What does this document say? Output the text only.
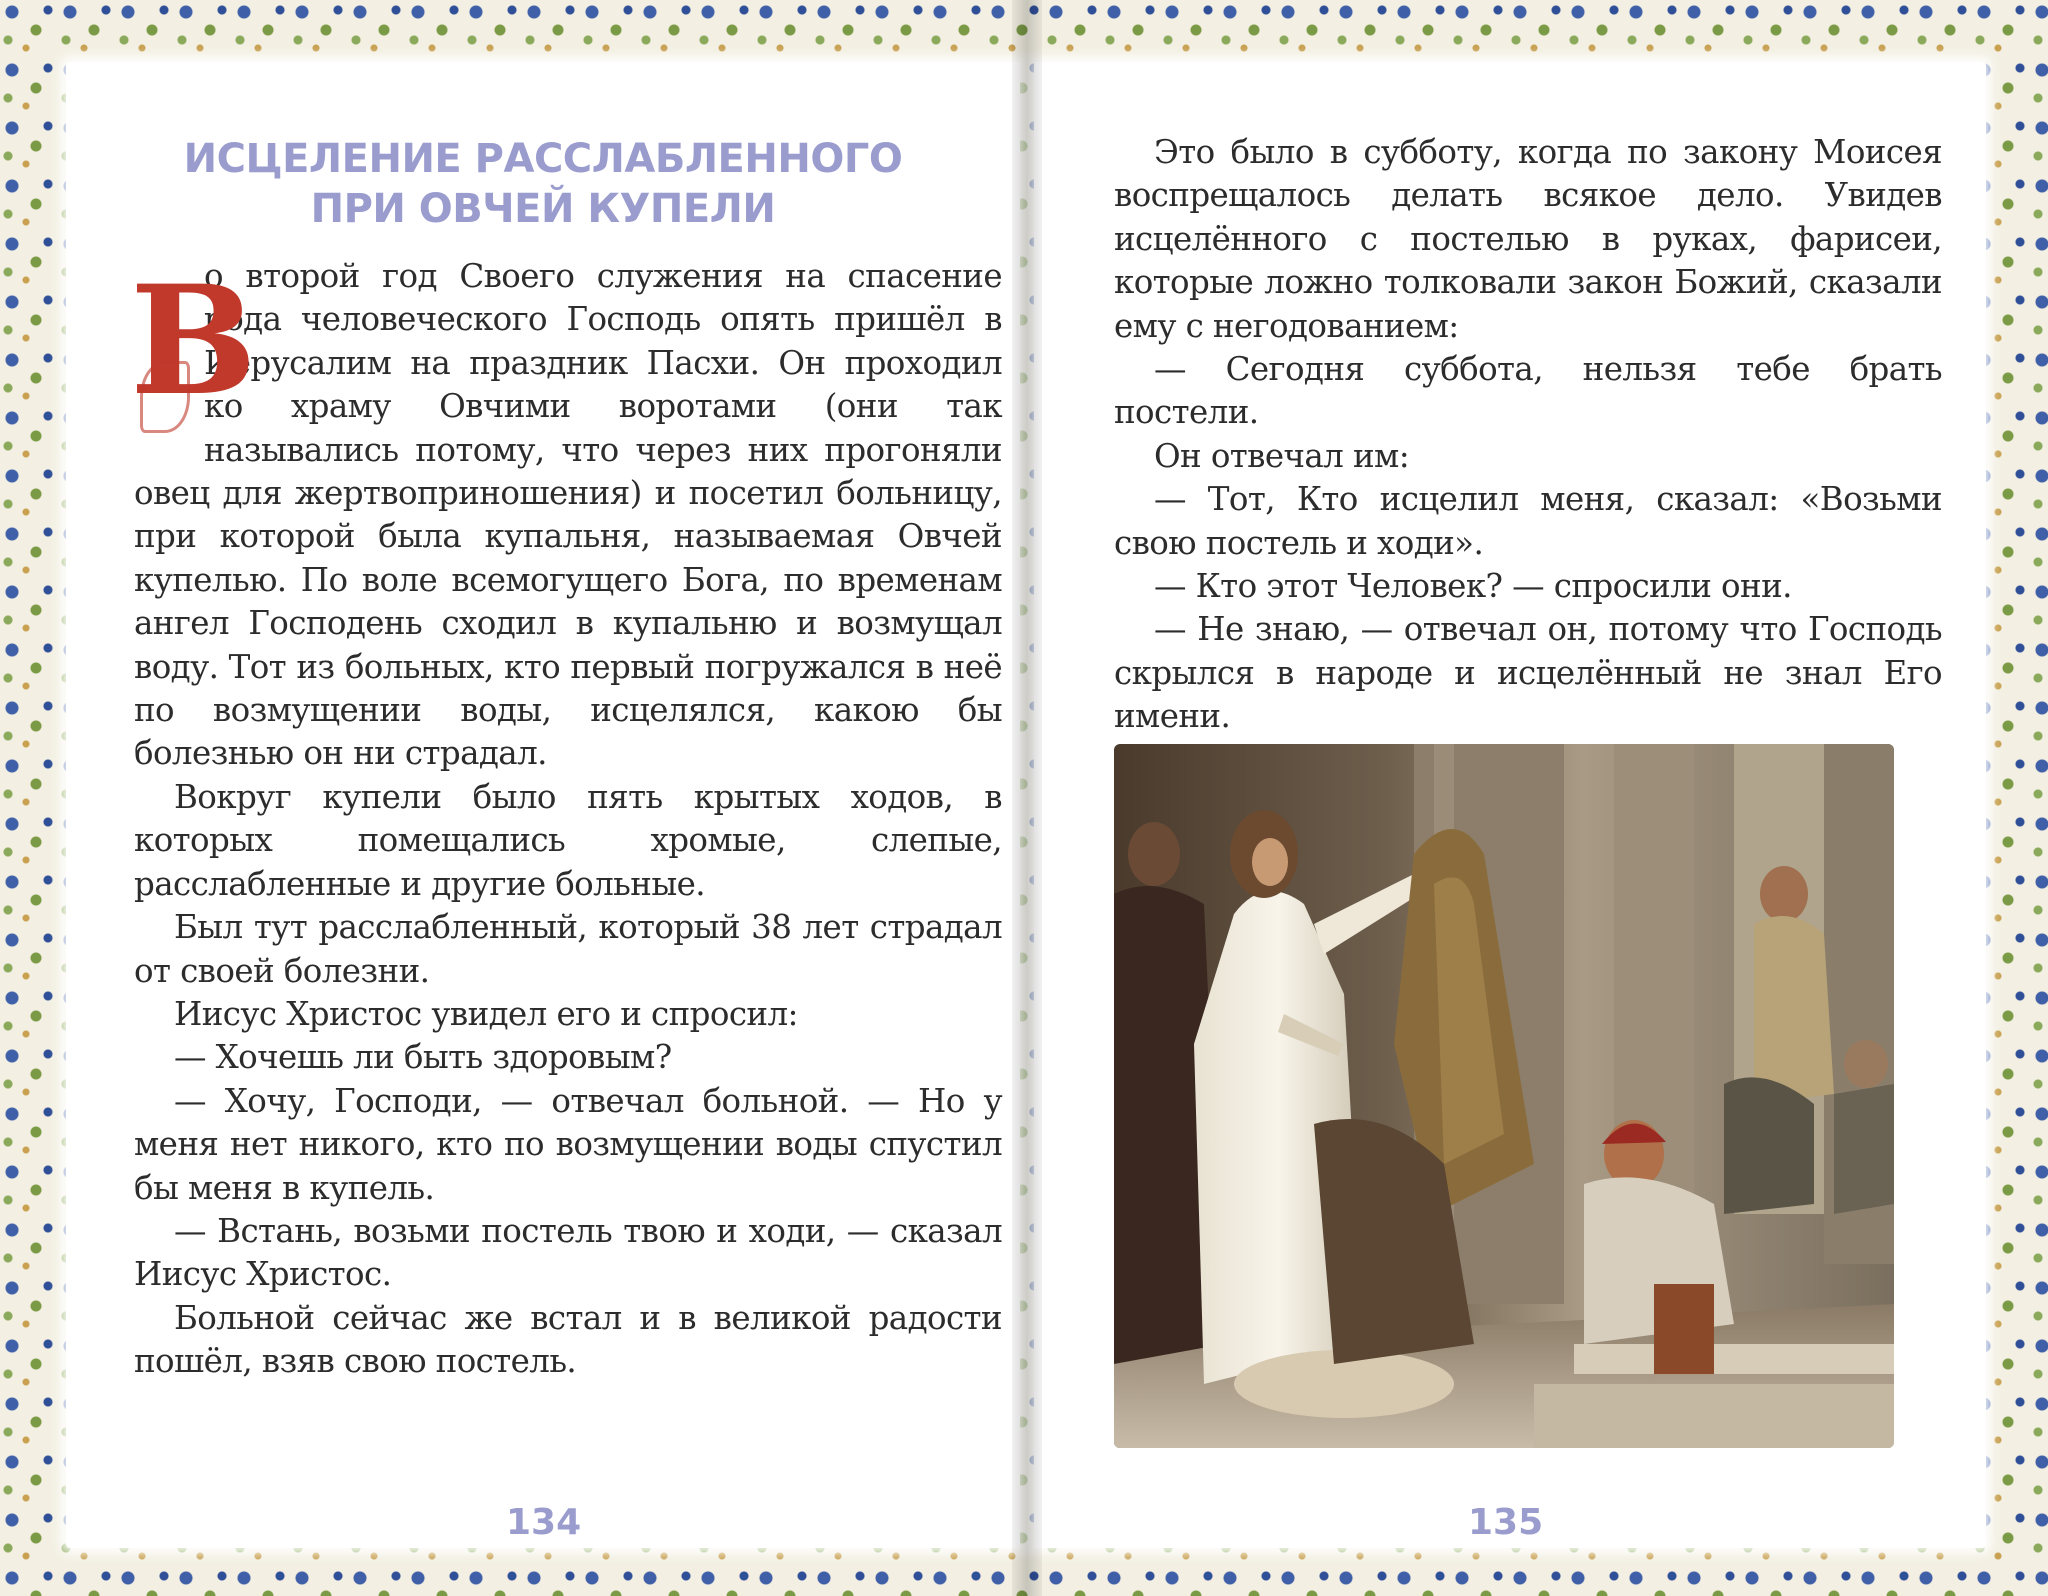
ИСЦЕЛЕНИЕ РАССЛАБЛЕННОГО
ПРИ ОВЧЕЙ КУПЕЛИ

В
о второй год Своего служения на спасение рода человеческого Господь опять пришёл в Иерусалим на праздник Пасхи. Он проходил ко храму Овчими воротами (они так назывались потому, что через них прогоняли овец для жертвоприношения) и посетил больницу, при которой была купальня, называемая Овчей купелью. По воле всемогущего Бога, по временам ангел Господень сходил в купальню и возмущал воду. Тот из больных, кто первый погружался в неё по возмущении воды, исцелялся, какою бы болезнью он ни страдал.

Вокруг купели было пять крытых ходов, в которых помещались хромые, слепые, расслабленные и другие больные.

Был тут расслабленный, который 38 лет страдал от своей болезни.

Иисус Христос увидел его и спросил:

— Хочешь ли быть здоровым?

— Хочу, Господи, — отвечал больной. — Но у меня нет никого, кто по возмущении воды спустил бы меня в купель.

— Встань, возьми постель твою и ходи, — сказал Иисус Христос.

Больной сейчас же встал и в великой радости пошёл, взяв свою постель.

134

Это было в субботу, когда по закону Моисея воспрещалось делать всякое дело. Увидев исцелённого с постелью в руках, фарисеи, которые ложно толковали закон Божий, сказали ему с негодованием:

— Сегодня суббота, нельзя тебе брать постели.

Он отвечал им:

— Тот, Кто исцелил меня, сказал: «Возьми свою постель и ходи».

— Кто этот Человек? — спросили они.

— Не знаю, — отвечал он, потому что Господь скрылся в народе и исцелённый не знал Его имени.

135
